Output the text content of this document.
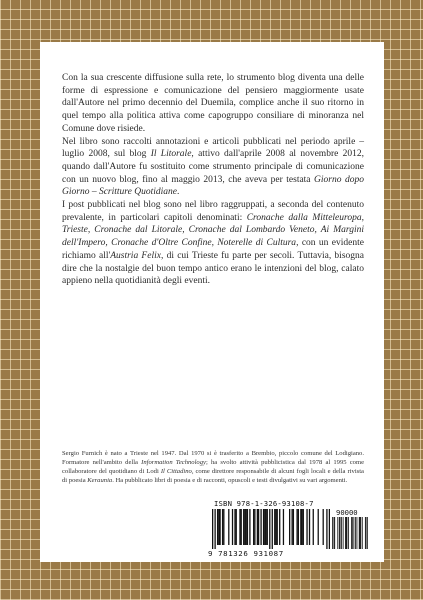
Con la sua crescente diffusione sulla rete, lo strumento blog diventa una delle forme di espressione e comunicazione del pensiero maggiormente usate dall'Autore nel primo decennio del Duemila, complice anche il suo ritorno in quel tempo alla politica attiva come capogruppo consiliare di minoranza nel Comune dove risiede.

Nel libro sono raccolti annotazioni e articoli pubblicati nel periodo aprile – luglio 2008, sul blog Il Litorale, attivo dall'aprile 2008 al novembre 2012, quando dall'Autore fu sostituito come strumento principale di comunicazione con un nuovo blog, fino al maggio 2013, che aveva per testata Giorno dopo Giorno – Scritture Quotidiane.

I post pubblicati nel blog sono nel libro raggruppati, a seconda del contenuto prevalente, in particolari capitoli denominati: Cronache dalla Mitteleuropa, Trieste, Cronache dal Litorale, Cronache dal Lombardo Veneto, Ai Margini dell'Impero, Cronache d'Oltre Confine, Noterelle di Cultura, con un evidente richiamo all'Austria Felix, di cui Trieste fu parte per secoli. Tuttavia, bisogna dire che la nostalgie del buon tempo antico erano le intenzioni del blog, calato appieno nella quotidianità degli eventi.

Sergio Furnich è nato a Trieste nel 1947. Dal 1970 si è trasferito a Brembio, piccolo comune del Lodigiano. Formatore nell'ambito della Information Technology; ha svolto attività pubblicistica dal 1978 al 1995 come collaboratore del quotidiano di Lodi Il Cittadino, come direttore responsabile di alcuni fogli locali e della rivista di poesia Keraunia. Ha pubblicato libri di poesia e di racconti, opuscoli e testi divulgativi su vari argomenti.
ISBN 978-1-326-93108-7
90000
9 781326 931087
